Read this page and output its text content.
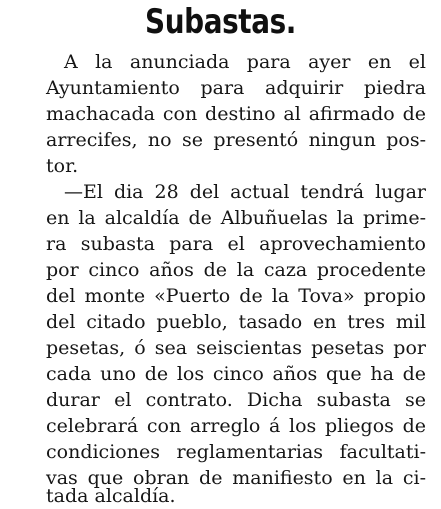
Subastas.

A la anunciada para ayer en el

Ayuntamiento para adquirir piedra

machacada con destino al afirmado de

arrecifes, no se presentó ningun pos-

tor.

—El dia 28 del actual tendrá lugar

en la alcaldía de Albuñuelas la prime-

ra subasta para el aprovechamiento

por cinco años de la caza procedente

del monte «Puerto de la Tova» propio

del citado pueblo, tasado en tres mil

pesetas, ó sea seiscientas pesetas por

cada uno de los cinco años que ha de

durar el contrato. Dicha subasta se

celebrará con arreglo á los pliegos de

condiciones reglamentarias facultati-

vas que obran de manifiesto en la ci-

tada alcaldía.
